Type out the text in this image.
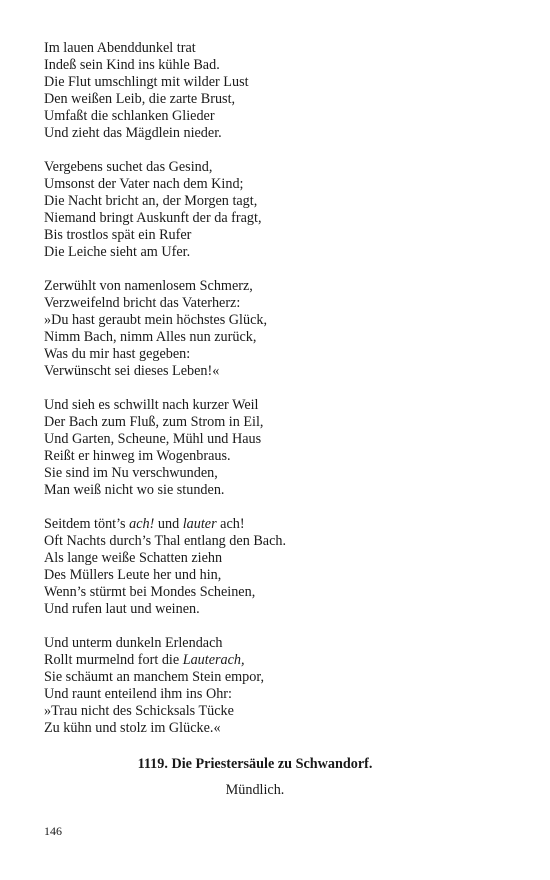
Im lauen Abenddunkel trat
Indeß sein Kind ins kühle Bad.
Die Flut umschlingt mit wilder Lust
Den weißen Leib, die zarte Brust,
Umfaßt die schlanken Glieder
Und zieht das Mägdlein nieder.
Vergebens suchet das Gesind,
Umsonst der Vater nach dem Kind;
Die Nacht bricht an, der Morgen tagt,
Niemand bringt Auskunft der da fragt,
Bis trostlos spät ein Rufer
Die Leiche sieht am Ufer.
Zerwühlt von namenlosem Schmerz,
Verzweifelnd bricht das Vaterherz:
»Du hast geraubt mein höchstes Glück,
Nimm Bach, nimm Alles nun zurück,
Was du mir hast gegeben:
Verwünscht sei dieses Leben!«
Und sieh es schwillt nach kurzer Weil
Der Bach zum Fluß, zum Strom in Eil,
Und Garten, Scheune, Mühl und Haus
Reißt er hinweg im Wogenbraus.
Sie sind im Nu verschwunden,
Man weiß nicht wo sie stunden.
Seitdem tönt’s ach! und lauter ach!
Oft Nachts durch’s Thal entlang den Bach.
Als lange weiße Schatten ziehn
Des Müllers Leute her und hin,
Wenn’s stürmt bei Mondes Scheinen,
Und rufen laut und weinen.
Und unterm dunkeln Erlendach
Rollt murmelnd fort die Lauterach,
Sie schäumt an manchem Stein empor,
Und raunt enteilend ihm ins Ohr:
»Trau nicht des Schicksals Tücke
Zu kühn und stolz im Glücke.«
1119. Die Priestersäule zu Schwandorf.
Mündlich.
146
